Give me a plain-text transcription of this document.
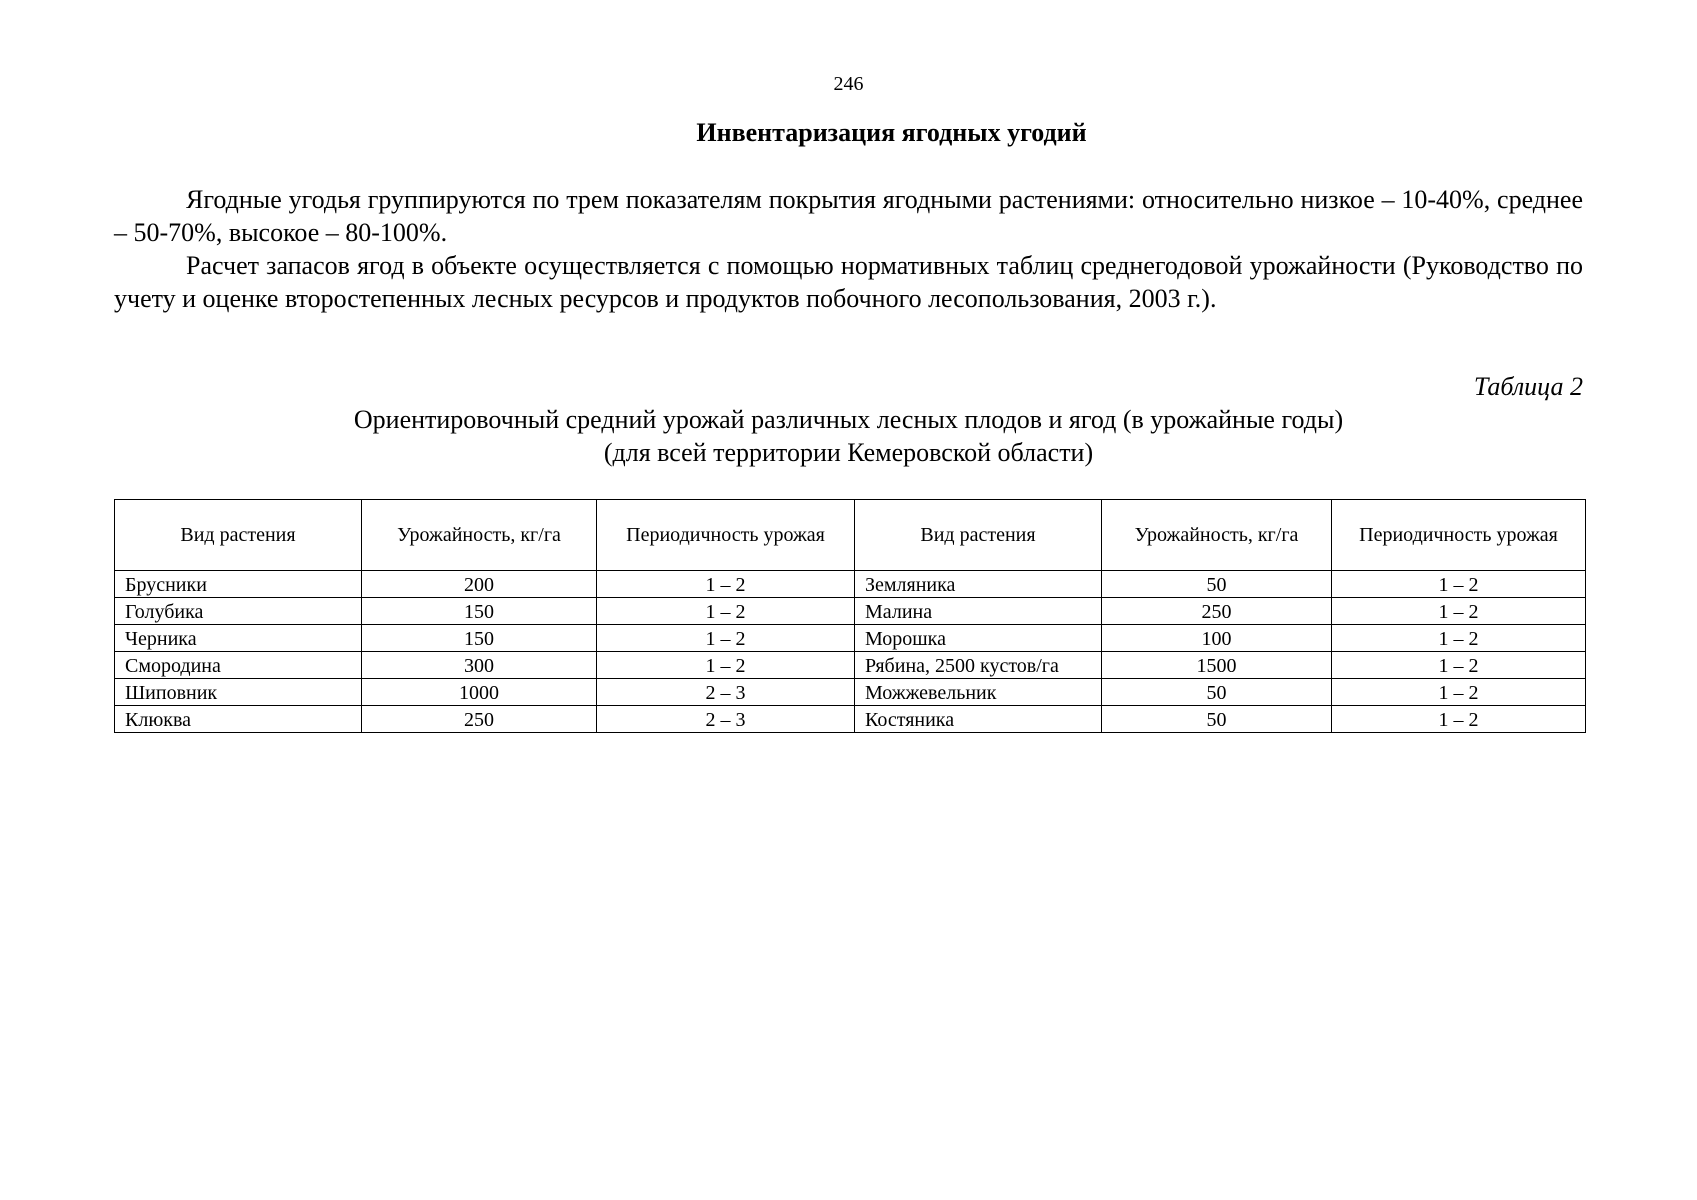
246
Инвентаризация ягодных угодий

Ягодные угодья группируются по трем показателям покрытия ягодными растениями: относительно низкое – 10-40%, среднее – 50-70%, высокое – 80-100%.

Расчет запасов ягод в объекте осуществляется с помощью нормативных таблиц среднегодовой урожайности (Руководство по учету и оценке второстепенных лесных ресурсов и продуктов побочного лесопользования, 2003 г.).

Таблица 2
Ориентировочный средний урожай различных лесных плодов и ягод (в урожайные годы)
(для всей территории Кемеровской области)
Вид растения	Урожайность, кг/га	Периодичность урожая	Вид растения	Урожайность, кг/га	Периодичность урожая
Брусники	200	1 – 2	Земляника	50	1 – 2
Голубика	150	1 – 2	Малина	250	1 – 2
Черника	150	1 – 2	Морошка	100	1 – 2
Смородина	300	1 – 2	Рябина, 2500 кустов/га	1500	1 – 2
Шиповник	1000	2 – 3	Можжевельник	50	1 – 2
Клюква	250	2 – 3	Костяника	50	1 – 2
